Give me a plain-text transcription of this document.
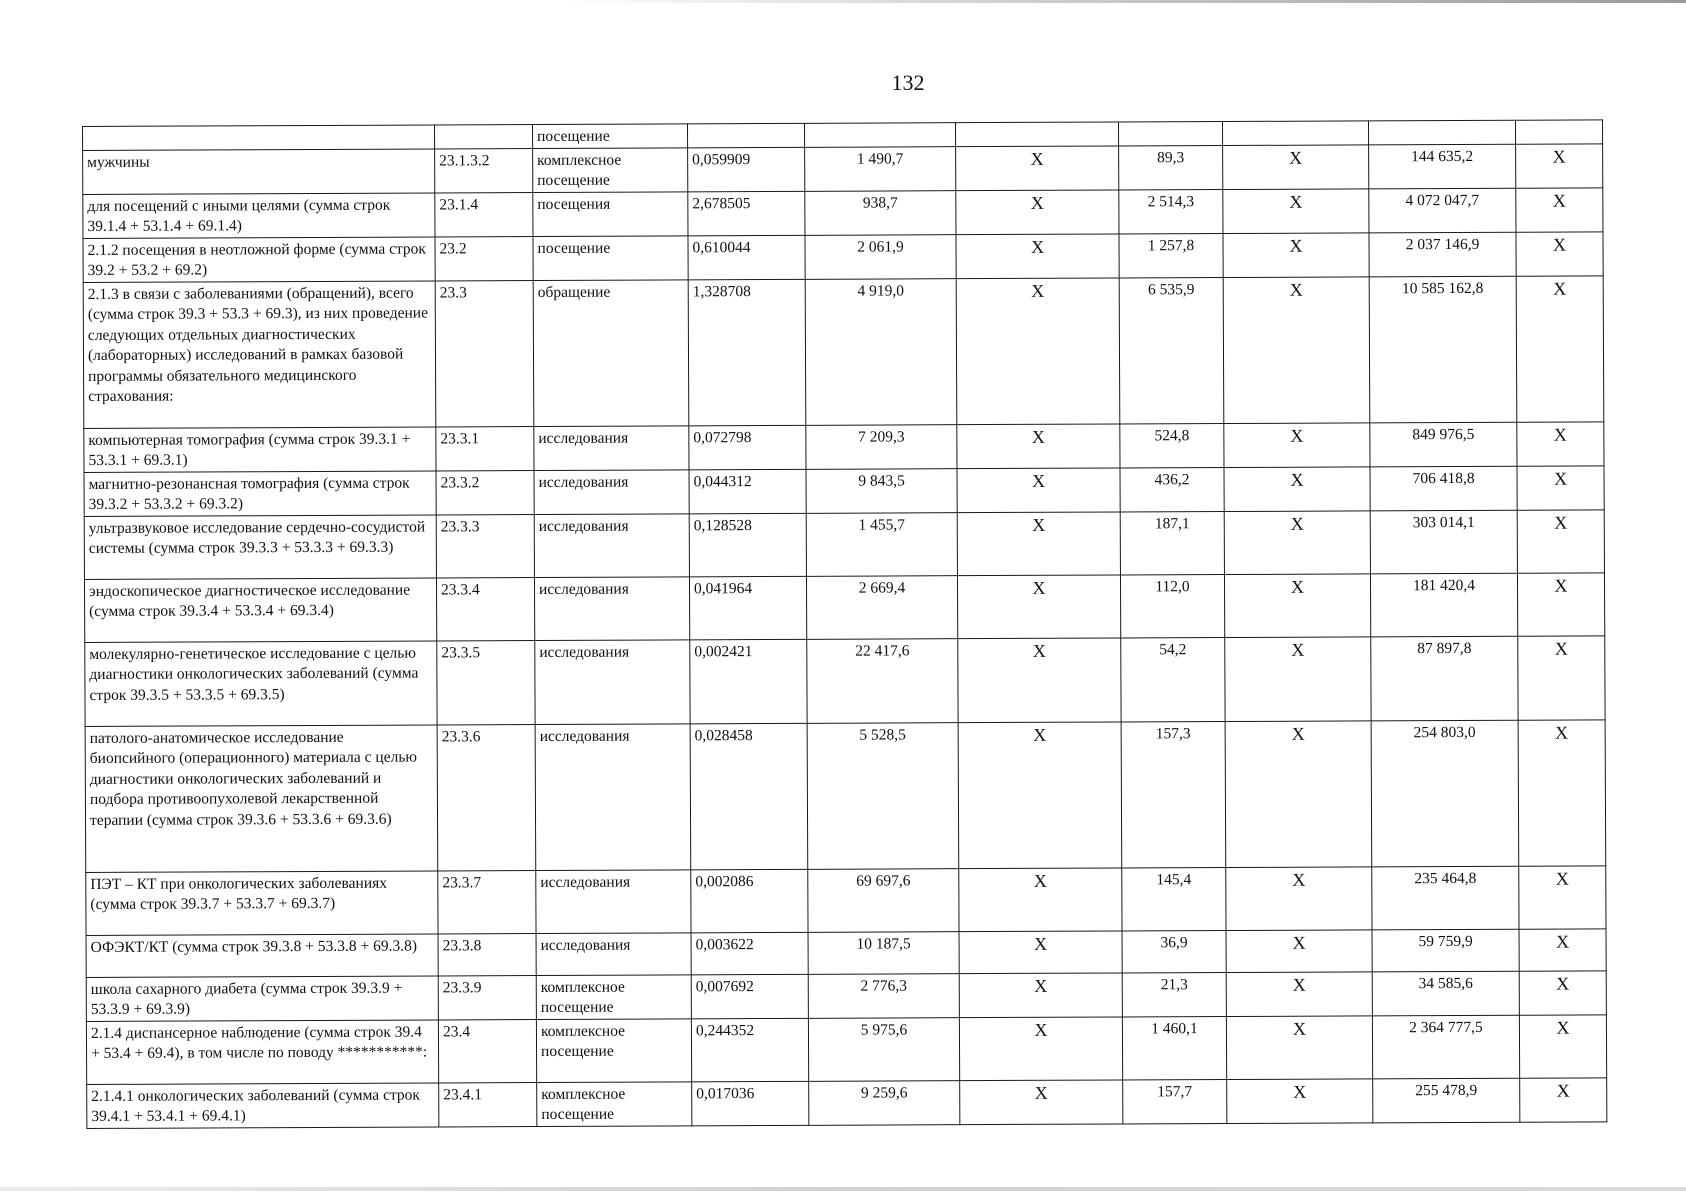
132
		посещение							
мужчины	23.1.3.2	комплексное посещение	0,059909	1 490,7	X	89,3	X	144 635,2	X
для посещений с иными целями (сумма строк 39.1.4 + 53.1.4 + 69.1.4)	23.1.4	посещения	2,678505	938,7	X	2 514,3	X	4 072 047,7	X
2.1.2 посещения в неотложной форме (сумма строк 39.2 + 53.2 + 69.2)	23.2	посещение	0,610044	2 061,9	X	1 257,8	X	2 037 146,9	X
2.1.3 в связи с заболеваниями (обращений), всего (сумма строк 39.3 + 53.3 + 69.3), из них проведение следующих отдельных диагностических (лабораторных) исследований в рамках базовой программы обязательного медицинского страхования:	23.3	обращение	1,328708	4 919,0	X	6 535,9	X	10 585 162,8	X
компьютерная томография (сумма строк 39.3.1 + 53.3.1 + 69.3.1)	23.3.1	исследования	0,072798	7 209,3	X	524,8	X	849 976,5	X
магнитно-резонансная томография (сумма строк 39.3.2 + 53.3.2 + 69.3.2)	23.3.2	исследования	0,044312	9 843,5	X	436,2	X	706 418,8	X
ультразвуковое исследование сердечно-сосудистой системы (сумма строк 39.3.3 + 53.3.3 + 69.3.3)	23.3.3	исследования	0,128528	1 455,7	X	187,1	X	303 014,1	X
эндоскопическое диагностическое исследование (сумма строк 39.3.4 + 53.3.4 + 69.3.4)	23.3.4	исследования	0,041964	2 669,4	X	112,0	X	181 420,4	X
молекулярно-генетическое исследование с целью диагностики онкологических заболеваний (сумма строк 39.3.5 + 53.3.5 + 69.3.5)	23.3.5	исследования	0,002421	22 417,6	X	54,2	X	87 897,8	X
патолого-анатомическое исследование биопсийного (операционного) материала с целью диагностики онкологических заболеваний и подбора противоопухолевой лекарственной терапии (сумма строк 39.3.6 + 53.3.6 + 69.3.6)	23.3.6	исследования	0,028458	5 528,5	X	157,3	X	254 803,0	X
ПЭТ – КТ при онкологических заболеваниях (сумма строк 39.3.7 + 53.3.7 + 69.3.7)	23.3.7	исследования	0,002086	69 697,6	X	145,4	X	235 464,8	X
ОФЭКТ/КТ (сумма строк 39.3.8 + 53.3.8 + 69.3.8)	23.3.8	исследования	0,003622	10 187,5	X	36,9	X	59 759,9	X
школа сахарного диабета (сумма строк 39.3.9 + 53.3.9 + 69.3.9)	23.3.9	комплексное посещение	0,007692	2 776,3	X	21,3	X	34 585,6	X
2.1.4 диспансерное наблюдение (сумма строк 39.4 + 53.4 + 69.4), в том числе по поводу ***********:	23.4	комплексное посещение	0,244352	5 975,6	X	1 460,1	X	2 364 777,5	X
2.1.4.1 онкологических заболеваний (сумма строк 39.4.1 + 53.4.1 + 69.4.1)	23.4.1	комплексное посещение	0,017036	9 259,6	X	157,7	X	255 478,9	X
